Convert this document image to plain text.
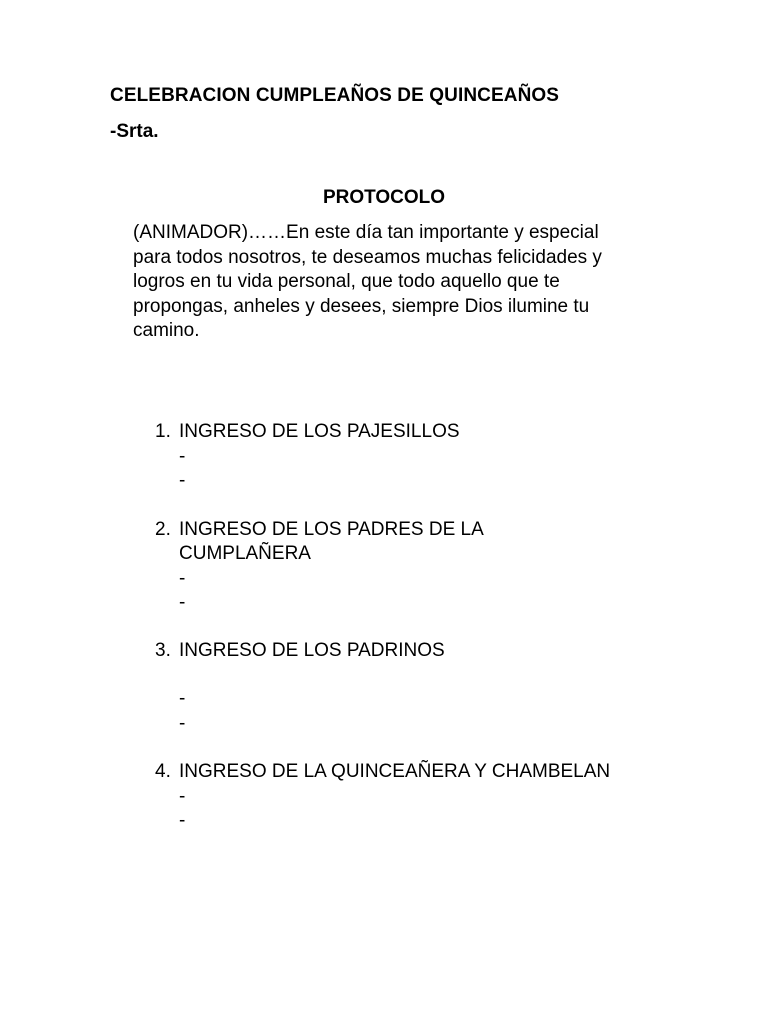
CELEBRACION CUMPLEAÑOS DE QUINCEAÑOS
-Srta.
PROTOCOLO
(ANIMADOR)……En este día tan importante y especial
para todos nosotros, te deseamos muchas felicidades y
logros en tu vida personal, que todo aquello que te
propongas, anheles y desees, siempre Dios ilumine tu
camino.
1. INGRESO DE LOS PAJESILLOS
-
-
2. INGRESO DE LOS PADRES DE LA
CUMPLAÑERA
-
-
3. INGRESO DE LOS PADRINOS
-
-
4. INGRESO DE LA QUINCEAÑERA Y CHAMBELAN
-
-
